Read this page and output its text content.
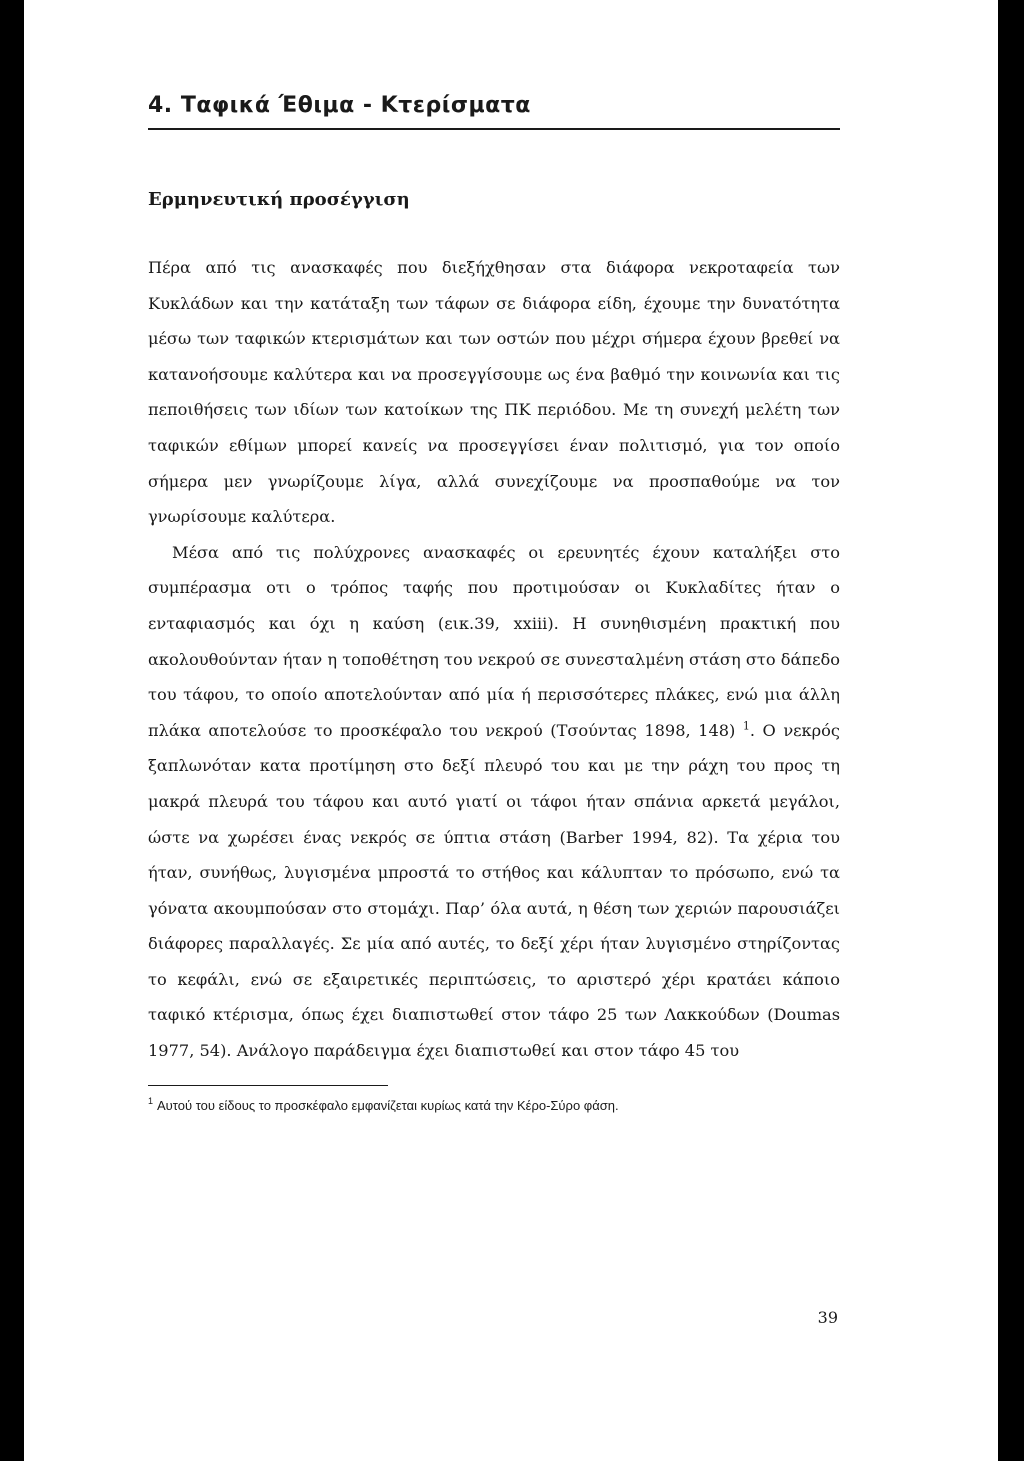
4. Ταφικά Έθιμα - Κτερίσματα
Ερμηνευτική προσέγγιση

Πέρα από τις ανασκαφές που διεξήχθησαν στα διάφορα νεκροταφεία των Κυκλάδων και την κατάταξη των τάφων σε διάφορα είδη, έχουμε την δυνατότητα μέσω των ταφικών κτερισμάτων και των οστών που μέχρι σήμερα έχουν βρεθεί να κατανοήσουμε καλύτερα και να προσεγγίσουμε ως ένα βαθμό την κοινωνία και τις πεποιθήσεις των ιδίων των κατοίκων της ΠΚ περιόδου. Με τη συνεχή μελέτη των ταφικών εθίμων μπορεί κανείς να προσεγγίσει έναν πολιτισμό, για τον οποίο σήμερα μεν γνωρίζουμε λίγα, αλλά συνεχίζουμε να προσπαθούμε να τον γνωρίσουμε καλύτερα.

Μέσα από τις πολύχρονες ανασκαφές οι ερευνητές έχουν καταλήξει στο συμπέρασμα οτι ο τρόπος ταφής που προτιμούσαν οι Κυκλαδίτες ήταν ο ενταφιασμός και όχι η καύση (εικ.39, xxiii). Η συνηθισμένη πρακτική που ακολουθούνταν ήταν η τοποθέτηση του νεκρού σε συνεσταλμένη στάση στο δάπεδο του τάφου, το οποίο αποτελούνταν από μία ή περισσότερες πλάκες, ενώ μια άλλη πλάκα αποτελούσε το προσκέφαλο του νεκρού (Τσούντας 1898, 148) $^1$. Ο νεκρός ξαπλωνόταν κατα προτίμηση στο δεξί πλευρό του και με την ράχη του προς τη μακρά πλευρά του τάφου και αυτό γιατί οι τάφοι ήταν σπάνια αρκετά μεγάλοι, ώστε να χωρέσει ένας νεκρός σε ύπτια στάση (Barber 1994, 82). Τα χέρια του ήταν, συνήθως, λυγισμένα μπροστά το στήθος και κάλυπταν το πρόσωπο, ενώ τα γόνατα ακουμπούσαν στο στομάχι. Παρ’ όλα αυτά, η θέση των χεριών παρουσιάζει διάφορες παραλλαγές. Σε μία από αυτές, το δεξί χέρι ήταν λυγισμένο στηρίζοντας το κεφάλι, ενώ σε εξαιρετικές περιπτώσεις, το αριστερό χέρι κρατάει κάποιο ταφικό κτέρισμα, όπως έχει διαπιστωθεί στον τάφο 25 των Λακκούδων (Doumas 1977, 54). Ανάλογο παράδειγμα έχει διαπιστωθεί και στον τάφο 45 του

$^1$ Αυτού του είδους το προσκέφαλο εμφανίζεται κυρίως κατά την Κέρο-Σύρο φάση.
39
